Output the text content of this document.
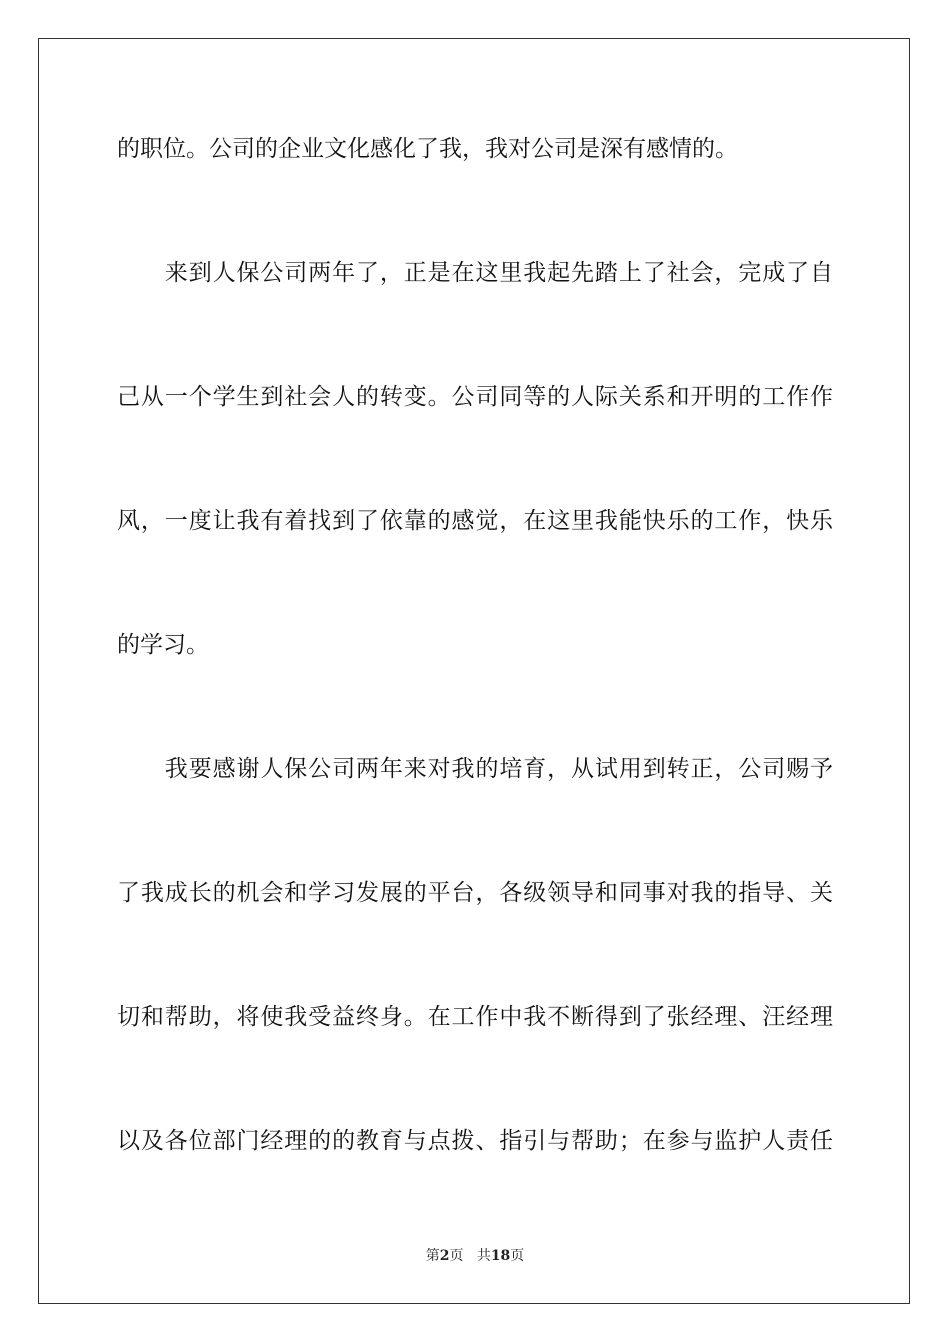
的职位。公司的企业文化感化了我，我对公司是深有感情的。
　　来到人保公司两年了，正是在这里我起先踏上了社会，完成了自
己从一个学生到社会人的转变。公司同等的人际关系和开明的工作作
风，一度让我有着找到了依靠的感觉，在这里我能快乐的工作，快乐
的学习。
　　我要感谢人保公司两年来对我的培育，从试用到转正，公司赐予
了我成长的机会和学习发展的平台，各级领导和同事对我的指导、关
切和帮助，将使我受益终身。在工作中我不断得到了张经理、汪经理
以及各位部门经理的的教育与点拨、指引与帮助；在参与监护人责任
第2页 共18页
